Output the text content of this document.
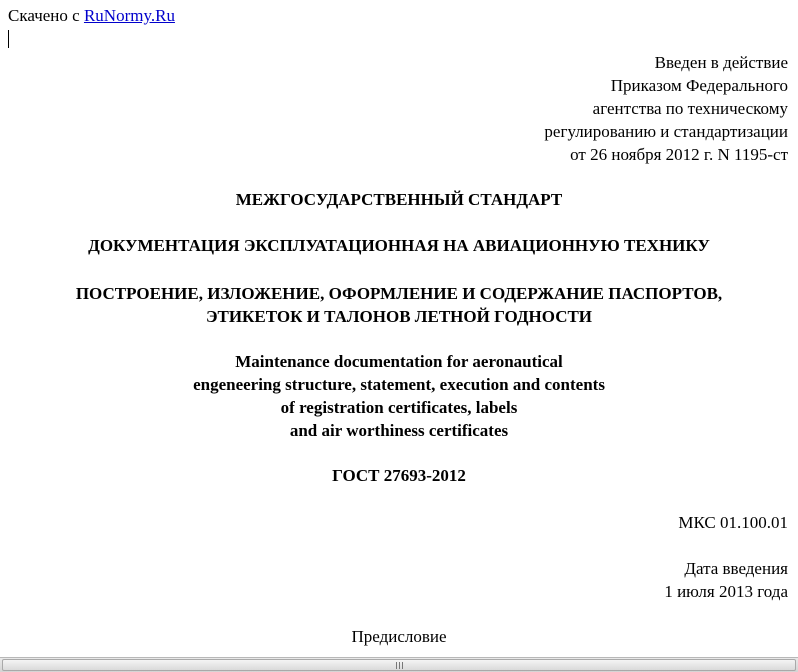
Скачено с RuNormy.Ru
Введен в действие
Приказом Федерального
агентства по техническому
регулированию и стандартизации
от 26 ноября 2012 г. N 1195-ст
МЕЖГОСУДАРСТВЕННЫЙ СТАНДАРТ
ДОКУМЕНТАЦИЯ ЭКСПЛУАТАЦИОННАЯ НА АВИАЦИОННУЮ ТЕХНИКУ
ПОСТРОЕНИЕ, ИЗЛОЖЕНИЕ, ОФОРМЛЕНИЕ И СОДЕРЖАНИЕ ПАСПОРТОВ,
ЭТИКЕТОК И ТАЛОНОВ ЛЕТНОЙ ГОДНОСТИ
Maintenance documentation for aeronautical
engeneering structure, statement, execution and contents
of registration certificates, labels
and air worthiness certificates
ГОСТ 27693-2012
МКС 01.100.01
Дата введения
1 июля 2013 года
Предисловие
